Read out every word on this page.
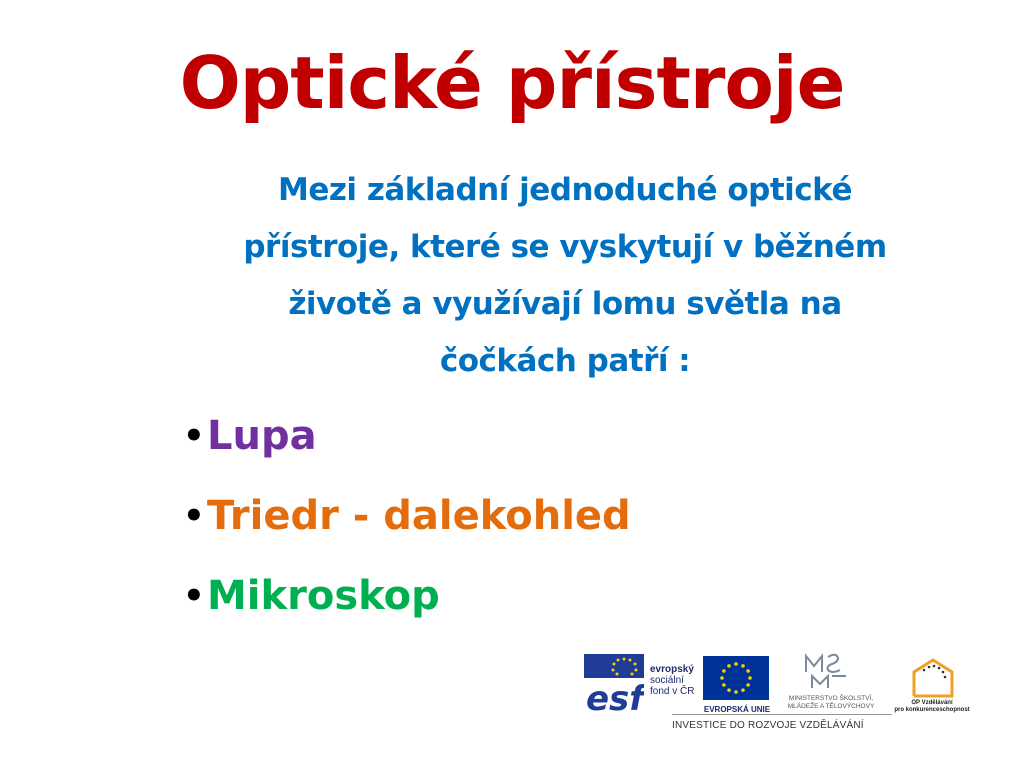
Optické přístroje
Mezi základní jednoduché optické
přístroje, které se vyskytují v běžném
životě a využívají lomu světla na
čočkách patří :
•Lupa
•Triedr - dalekohled
•Mikroskop
esf
evropský
sociální
fond v ČR
EVROPSKÁ UNIE
MINISTERSTVO ŠKOLSTVÍ,
MLÁDEŽE A TĚLOVÝCHOVY	OP Vzdělávání
pro konkurenceschopnost
INVESTICE DO ROZVOJE VZDĚLÁVÁNÍ
